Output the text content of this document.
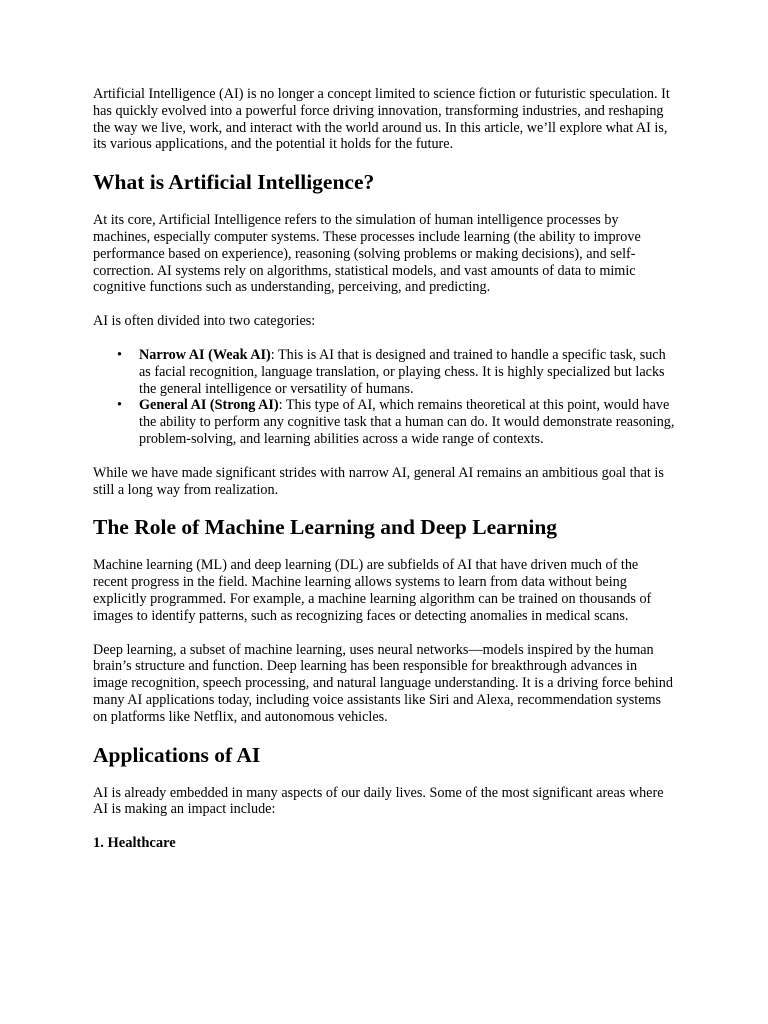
Artificial Intelligence (AI) is no longer a concept limited to science fiction or futuristic speculation. It has quickly evolved into a powerful force driving innovation, transforming industries, and reshaping the way we live, work, and interact with the world around us. In this article, we’ll explore what AI is, its various applications, and the potential it holds for the future.

What is Artificial Intelligence?

At its core, Artificial Intelligence refers to the simulation of human intelligence processes by machines, especially computer systems. These processes include learning (the ability to improve performance based on experience), reasoning (solving problems or making decisions), and self-correction. AI systems rely on algorithms, statistical models, and vast amounts of data to mimic cognitive functions such as understanding, perceiving, and predicting.

AI is often divided into two categories:

• Narrow AI (Weak AI): This is AI that is designed and trained to handle a specific task, such as facial recognition, language translation, or playing chess. It is highly specialized but lacks the general intelligence or versatility of humans.
• General AI (Strong AI): This type of AI, which remains theoretical at this point, would have the ability to perform any cognitive task that a human can do. It would demonstrate reasoning, problem-solving, and learning abilities across a wide range of contexts.

While we have made significant strides with narrow AI, general AI remains an ambitious goal that is still a long way from realization.

The Role of Machine Learning and Deep Learning

Machine learning (ML) and deep learning (DL) are subfields of AI that have driven much of the recent progress in the field. Machine learning allows systems to learn from data without being explicitly programmed. For example, a machine learning algorithm can be trained on thousands of images to identify patterns, such as recognizing faces or detecting anomalies in medical scans.

Deep learning, a subset of machine learning, uses neural networks—models inspired by the human brain’s structure and function. Deep learning has been responsible for breakthrough advances in image recognition, speech processing, and natural language understanding. It is a driving force behind many AI applications today, including voice assistants like Siri and Alexa, recommendation systems on platforms like Netflix, and autonomous vehicles.

Applications of AI

AI is already embedded in many aspects of our daily lives. Some of the most significant areas where AI is making an impact include:

1. Healthcare
